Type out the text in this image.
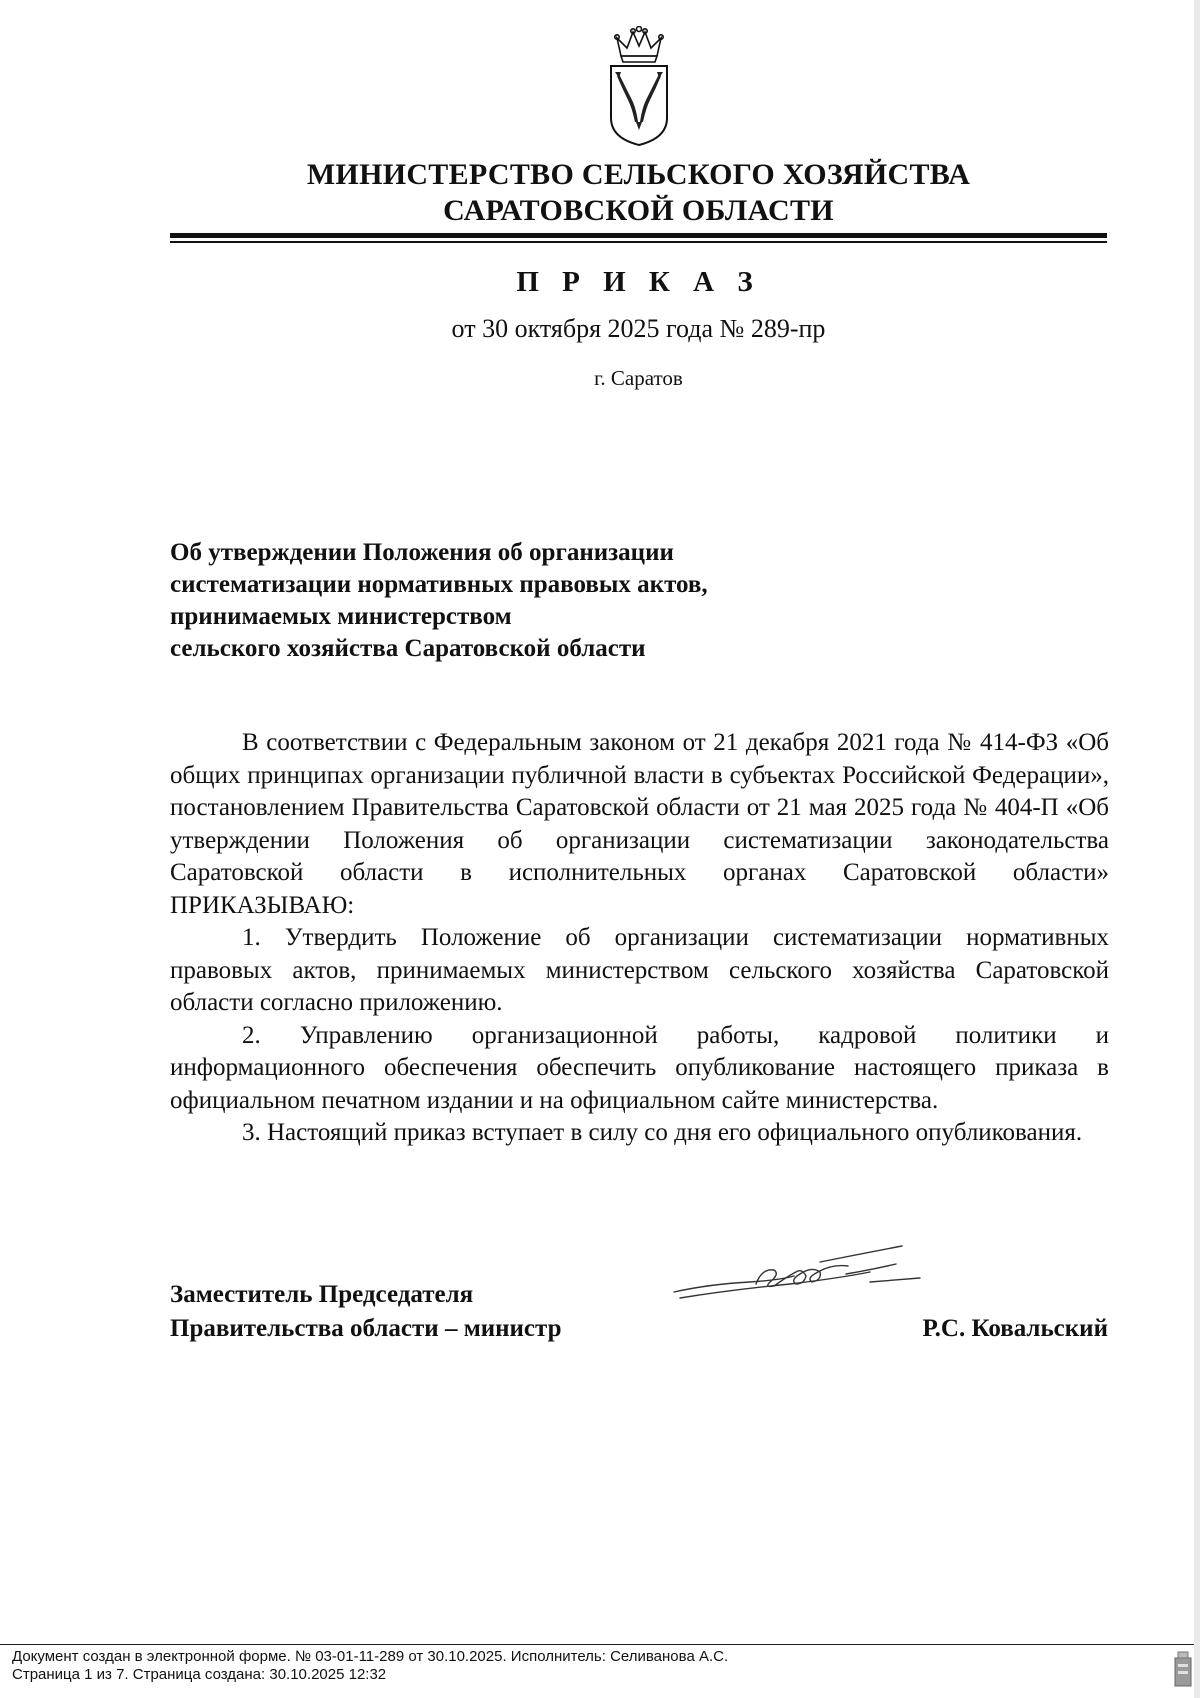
МИНИСТЕРСТВО СЕЛЬСКОГО ХОЗЯЙСТВА
САРАТОВСКОЙ ОБЛАСТИ
П Р И К А З
от 30 октября 2025 года № 289-пр
г. Саратов
Об утверждении Положения об организации
систематизации нормативных правовых актов,
принимаемых министерством
сельского хозяйства Саратовской области

В соответствии с Федеральным законом от 21 декабря 2021 года № 414-ФЗ «Об общих принципах организации публичной власти в субъектах Российской Федерации», постановлением Правительства Саратовской области от 21 мая 2025 года № 404-П «Об утверждении Положения об организации систематизации законодательства Саратовской области в исполнительных органах Саратовской области» ПРИКАЗЫВАЮ:

1. Утвердить Положение об организации систематизации нормативных правовых актов, принимаемых министерством сельского хозяйства Саратовской области согласно приложению.

2. Управлению организационной работы, кадровой политики и информационного обеспечения обеспечить опубликование настоящего приказа в официальном печатном издании и на официальном сайте министерства.

3. Настоящий приказ вступает в силу со дня его официального опубликования.

Заместитель Председателя
Правительства области – министр	Р.С. Ковальский
Документ создан в электронной форме. № 03-01-11-289 от 30.10.2025. Исполнитель: Селиванова А.С.
Страница 1 из 7. Страница создана: 30.10.2025 12:32
